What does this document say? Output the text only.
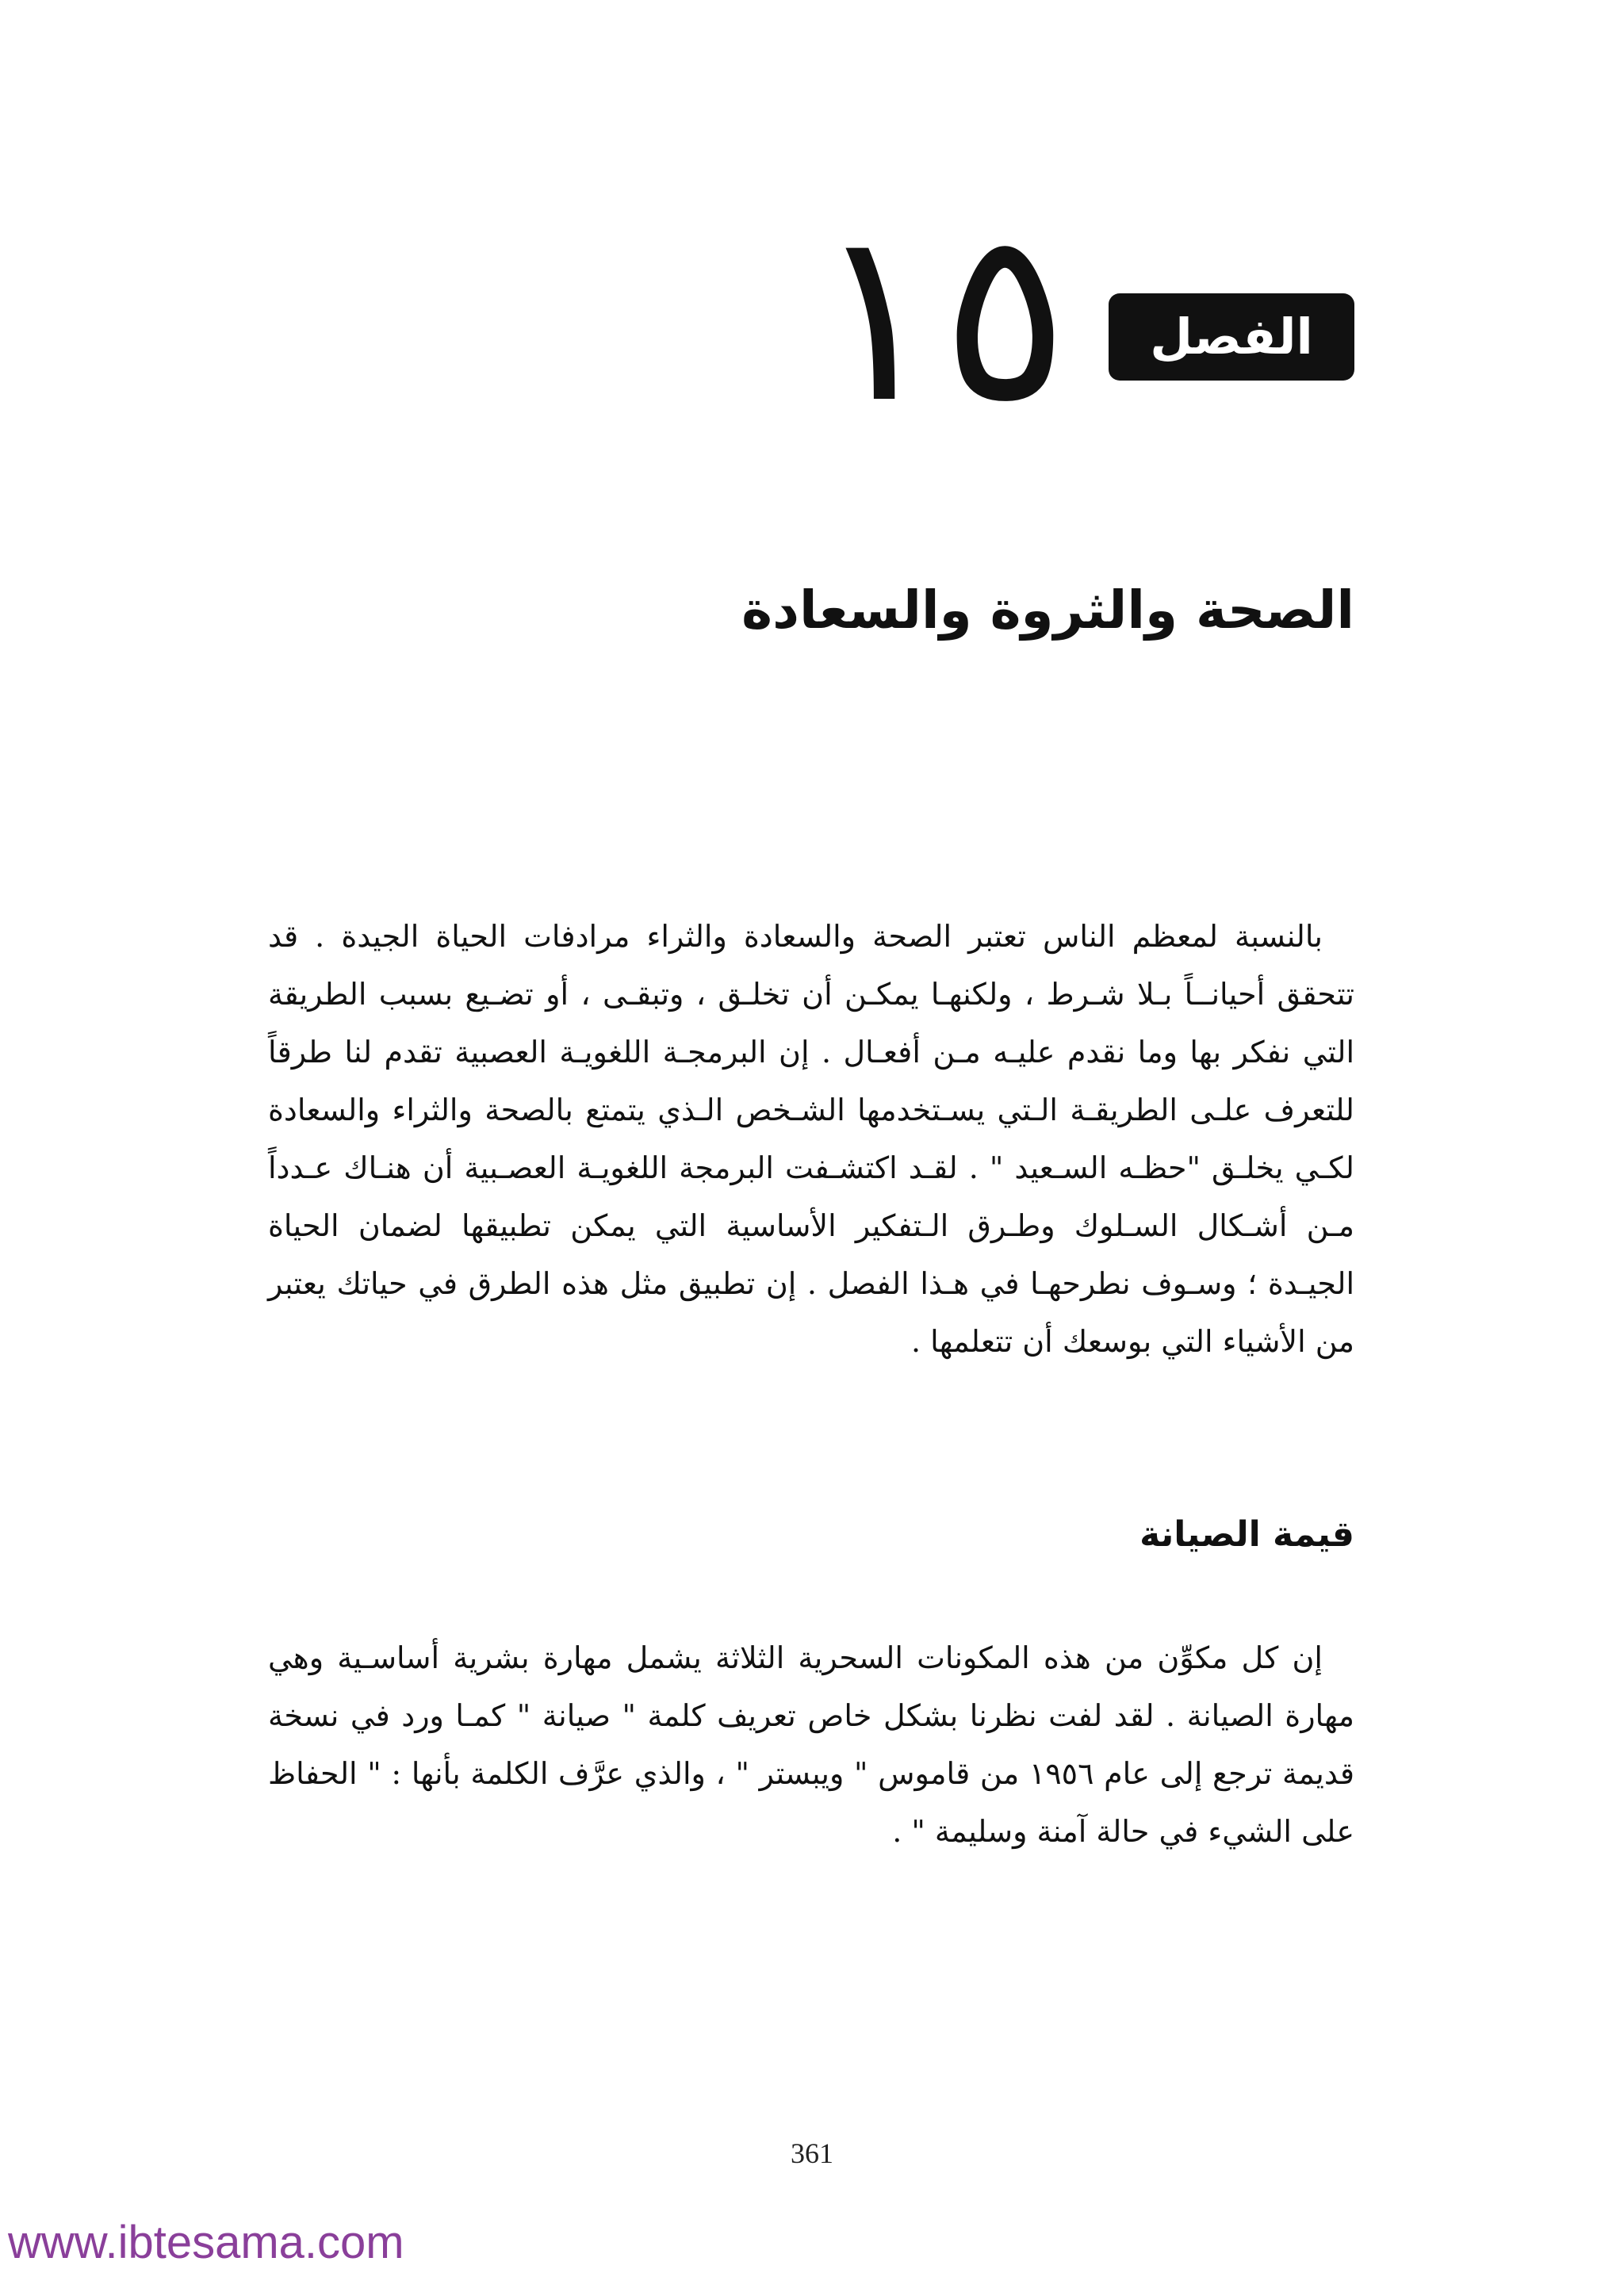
١٥ الفصل
الصحة والثروة والسعادة

بالنسبة لمعظم الناس تعتبر الصحة والسعادة والثراء مرادفات الحياة الجيدة . قد تتحقق أحيانــاً بـلا شـرط ، ولكنهـا يمكـن أن تخلـق ، وتبقـى ، أو تضـيع بسبب الطريقة التي نفكر بها وما نقدم عليـه مـن أفعـال . إن البرمجـة اللغويـة العصبية تقدم لنا طرقاً للتعرف علـى الطريقـة الـتي يسـتخدمها الشـخص الـذي يتمتع بالصحة والثراء والسعادة لكـي يخلـق "حظـه السـعيد " . لقـد اكتشـفت البرمجة اللغويـة العصـبية أن هنـاك عـدداً مـن أشـكال السـلوك وطـرق الـتفكير الأساسية التي يمكن تطبيقها لضمان الحياة الجيـدة ؛ وسـوف نطرحهـا في هـذا الفصل . إن تطبيق مثل هذه الطرق في حياتك يعتبر من الأشياء التي بوسعك أن تتعلمها .

قيمة الصيانة

إن كل مكوِّن من هذه المكونات السحرية الثلاثة يشمل مهارة بشرية أساسـية وهي مهارة الصيانة . لقد لفت نظرنا بشكل خاص تعريف كلمة " صيانة " كمـا ورد في نسخة قديمة ترجع إلى عام ١٩٥٦ من قاموس " ويبستر " ، والذي عرَّف الكلمة بأنها : " الحفاظ على الشيء في حالة آمنة وسليمة " .

361
www.ibtesama.com
